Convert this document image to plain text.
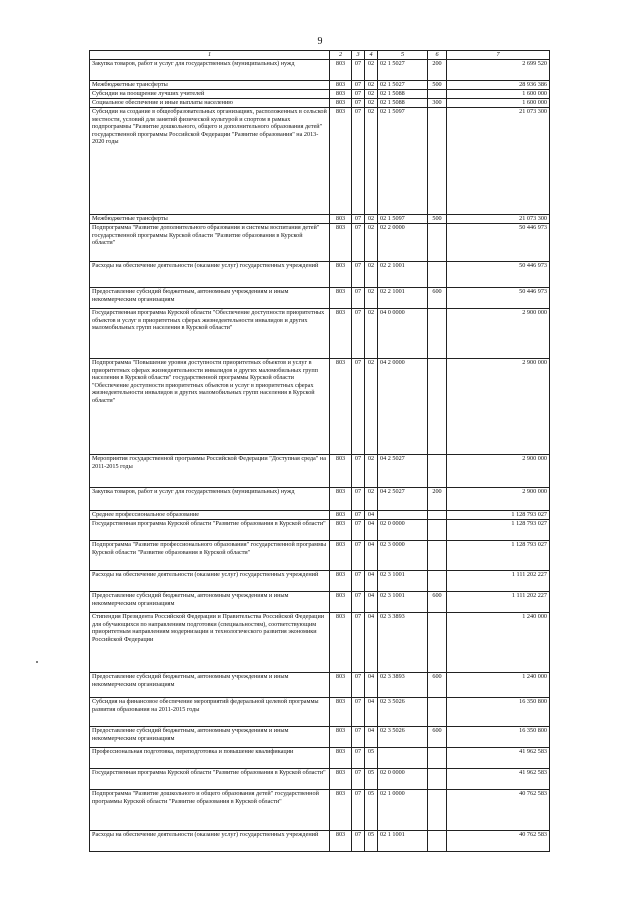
9
1	2	3	4	5	6	7
Закупка товаров, работ и услуг для государственных (муниципальных) нужд	803	07	02	02 1 5027	200	2 699 520
Межбюджетные трансферты	803	07	02	02 1 5027	500	28 936 386
Субсидии на поощрение лучших учителей	803	07	02	02 1 5088		1 600 000
Социальное обеспечение и иные выплаты населению	803	07	02	02 1 5088	300	1 600 000
Субсидии на создание в общеобразовательных организациях, расположенных в сельской местности, условий для занятий физической культурой и спортом в рамках подпрограммы "Развитие дошкольного, общего и дополнительного образования детей" государственной программы Российской Федерации "Развитие образования" на 2013-2020 годы	803	07	02	02 1 5097		21 073 300
Межбюджетные трансферты	803	07	02	02 1 5097	500	21 073 300
Подпрограмма "Развитие дополнительного образования и системы воспитания детей" государственной программы Курской области "Развитие образования в Курской области"	803	07	02	02 2 0000		50 446 973
Расходы на обеспечение деятельности (оказание услуг) государственных учреждений	803	07	02	02 2 1001		50 446 973
Предоставление субсидий бюджетным, автономным учреждениям и иным некоммерческим организациям	803	07	02	02 2 1001	600	50 446 973
Государственная программа Курской области "Обеспечение доступности приоритетных объектов и услуг в приоритетных сферах жизнедеятельности инвалидов и других маломобильных групп населения в Курской области"	803	07	02	04 0 0000		2 900 000
Подпрограмма "Повышение уровня доступности приоритетных объектов и услуг в приоритетных сферах жизнедеятельности инвалидов и других маломобильных групп населения в Курской области" государственной программы Курской области "Обеспечение доступности приоритетных объектов и услуг в приоритетных сферах жизнедеятельности инвалидов и других маломобильных групп населения в Курской области"	803	07	02	04 2 0000		2 900 000
Мероприятия государственной программы Российской Федерации "Доступная среда" на 2011-2015 годы	803	07	02	04 2 5027		2 900 000
Закупка товаров, работ и услуг для государственных (муниципальных) нужд	803	07	02	04 2 5027	200	2 900 000
Среднее профессиональное образование	803	07	04			1 128 793 027
Государственная программа Курской области "Развитие образования в Курской области"	803	07	04	02 0 0000		1 128 793 027
Подпрограмма "Развитие профессионального образования" государственной программы Курской области "Развитие образования в Курской области"	803	07	04	02 3 0000		1 128 793 027
Расходы на обеспечение деятельности (оказание услуг) государственных учреждений	803	07	04	02 3 1001		1 111 202 227
Предоставление субсидий бюджетным, автономным учреждениям и иным некоммерческим организациям	803	07	04	02 3 1001	600	1 111 202 227
Стипендия Президента Российской Федерации и Правительства Российской Федерации для обучающихся по направлениям подготовки (специальностям), соответствующим приоритетным направлениям модернизации и технологического развития экономики Российской Федерации	803	07	04	02 3 3893		1 240 000
Предоставление субсидий бюджетным, автономным учреждениям и иным некоммерческим организациям	803	07	04	02 3 3893	600	1 240 000
Субсидия на финансовое обеспечение мероприятий федеральной целевой программы развития образования на 2011-2015 годы	803	07	04	02 3 5026		16 350 800
Предоставление субсидий бюджетным, автономным учреждениям и иным некоммерческим организациям	803	07	04	02 3 5026	600	16 350 800
Профессиональная подготовка, переподготовка и повышение квалификации	803	07	05			41 962 583
Государственная программа Курской области "Развитие образования в Курской области"	803	07	05	02 0 0000		41 962 583
Подпрограмма "Развитие дошкольного и общего образования детей" государственной программы Курской области "Развитие образования в Курской области"	803	07	05	02 1 0000		40 762 583
Расходы на обеспечение деятельности (оказание услуг) государственных учреждений	803	07	05	02 1 1001		40 762 583
